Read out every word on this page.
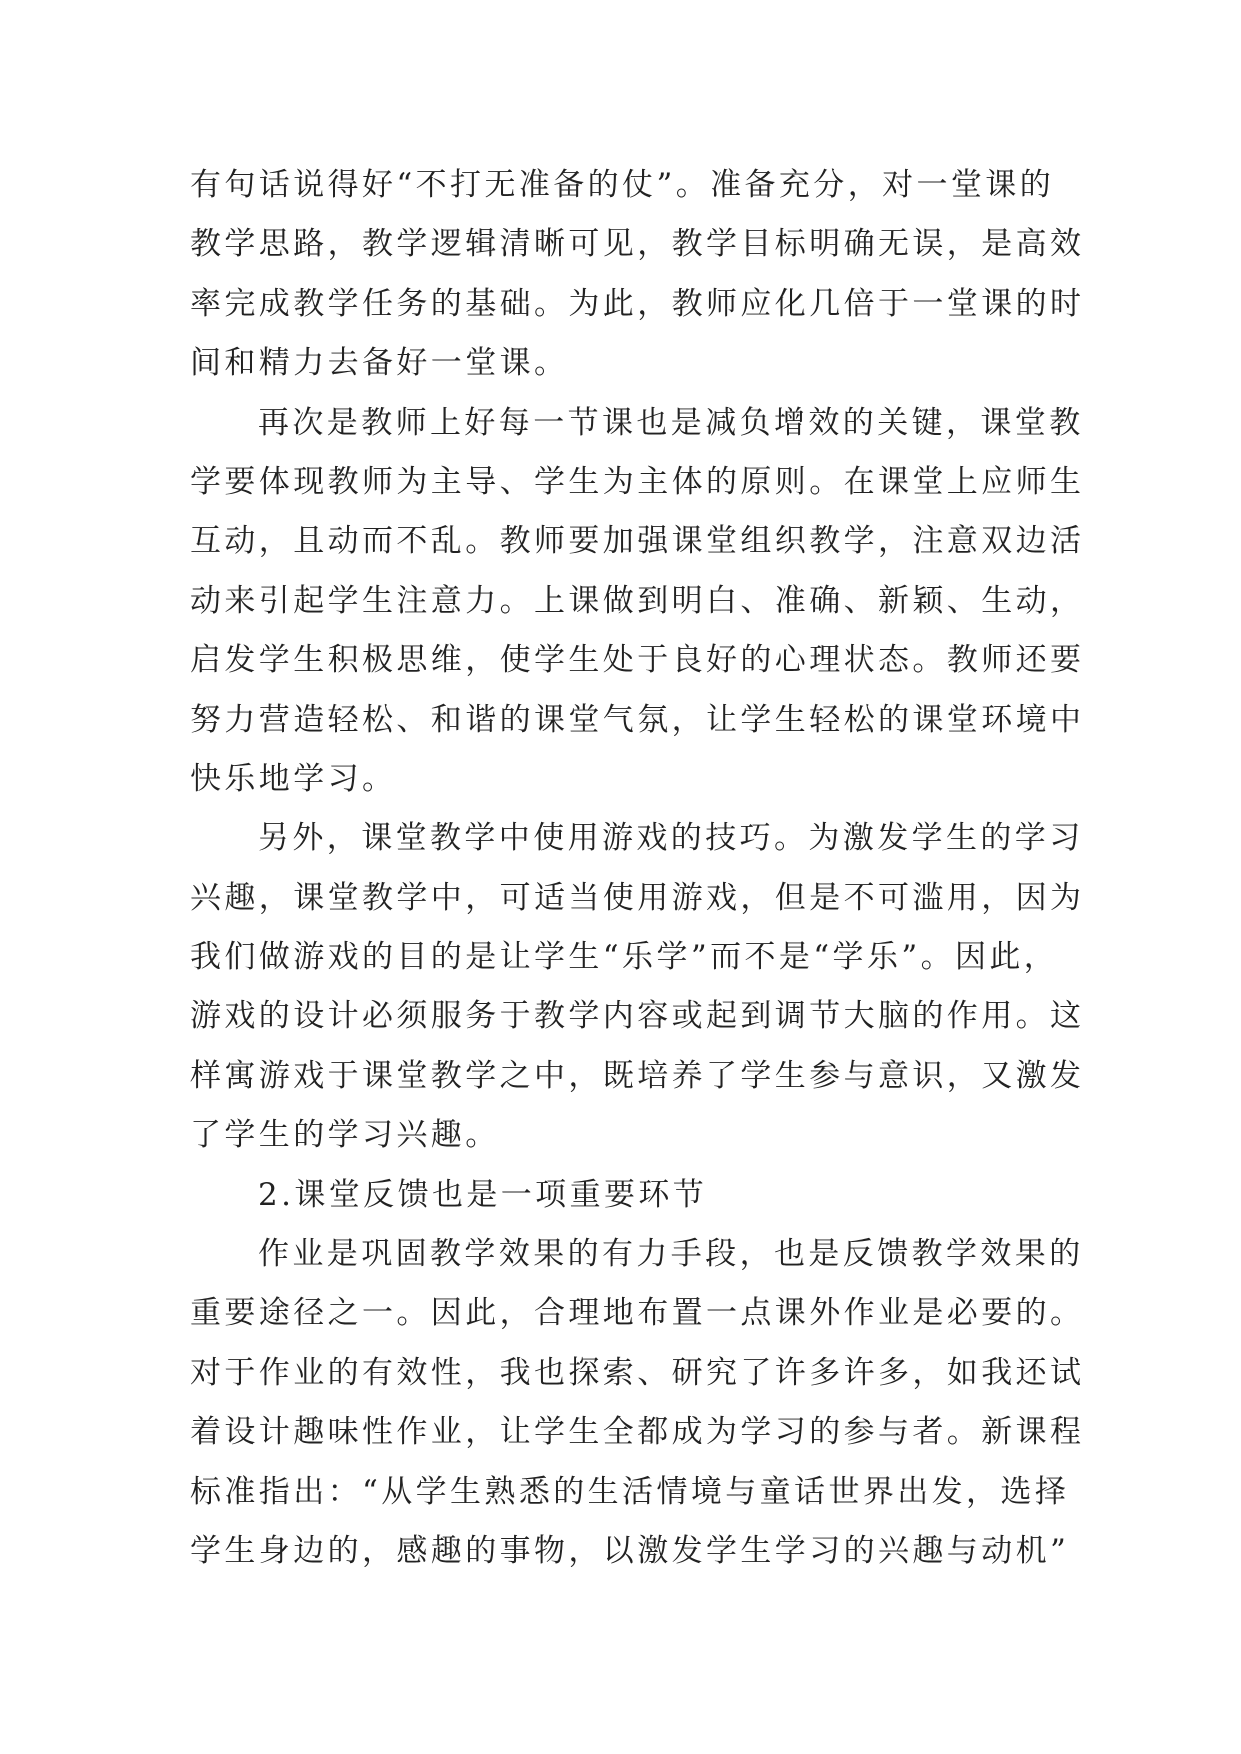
有句话说得好“不打无准备的仗”。准备充分，对一堂课的
教学思路，教学逻辑清晰可见，教学目标明确无误，是高效
率完成教学任务的基础。为此，教师应化几倍于一堂课的时
间和精力去备好一堂课。
再次是教师上好每一节课也是减负增效的关键，课堂教
学要体现教师为主导、学生为主体的原则。在课堂上应师生
互动，且动而不乱。教师要加强课堂组织教学，注意双边活
动来引起学生注意力。上课做到明白、准确、新颖、生动，
启发学生积极思维，使学生处于良好的心理状态。教师还要
努力营造轻松、和谐的课堂气氛，让学生轻松的课堂环境中
快乐地学习。
另外，课堂教学中使用游戏的技巧。为激发学生的学习
兴趣，课堂教学中，可适当使用游戏，但是不可滥用，因为
我们做游戏的目的是让学生“乐学”而不是“学乐”。因此，
游戏的设计必须服务于教学内容或起到调节大脑的作用。这
样寓游戏于课堂教学之中，既培养了学生参与意识，又激发
了学生的学习兴趣。
2.课堂反馈也是一项重要环节
作业是巩固教学效果的有力手段，也是反馈教学效果的
重要途径之一。因此，合理地布置一点课外作业是必要的。
对于作业的有效性，我也探索、研究了许多许多，如我还试
着设计趣味性作业，让学生全都成为学习的参与者。新课程
标准指出：“从学生熟悉的生活情境与童话世界出发，选择
学生身边的，感趣的事物，以激发学生学习的兴趣与动机”
